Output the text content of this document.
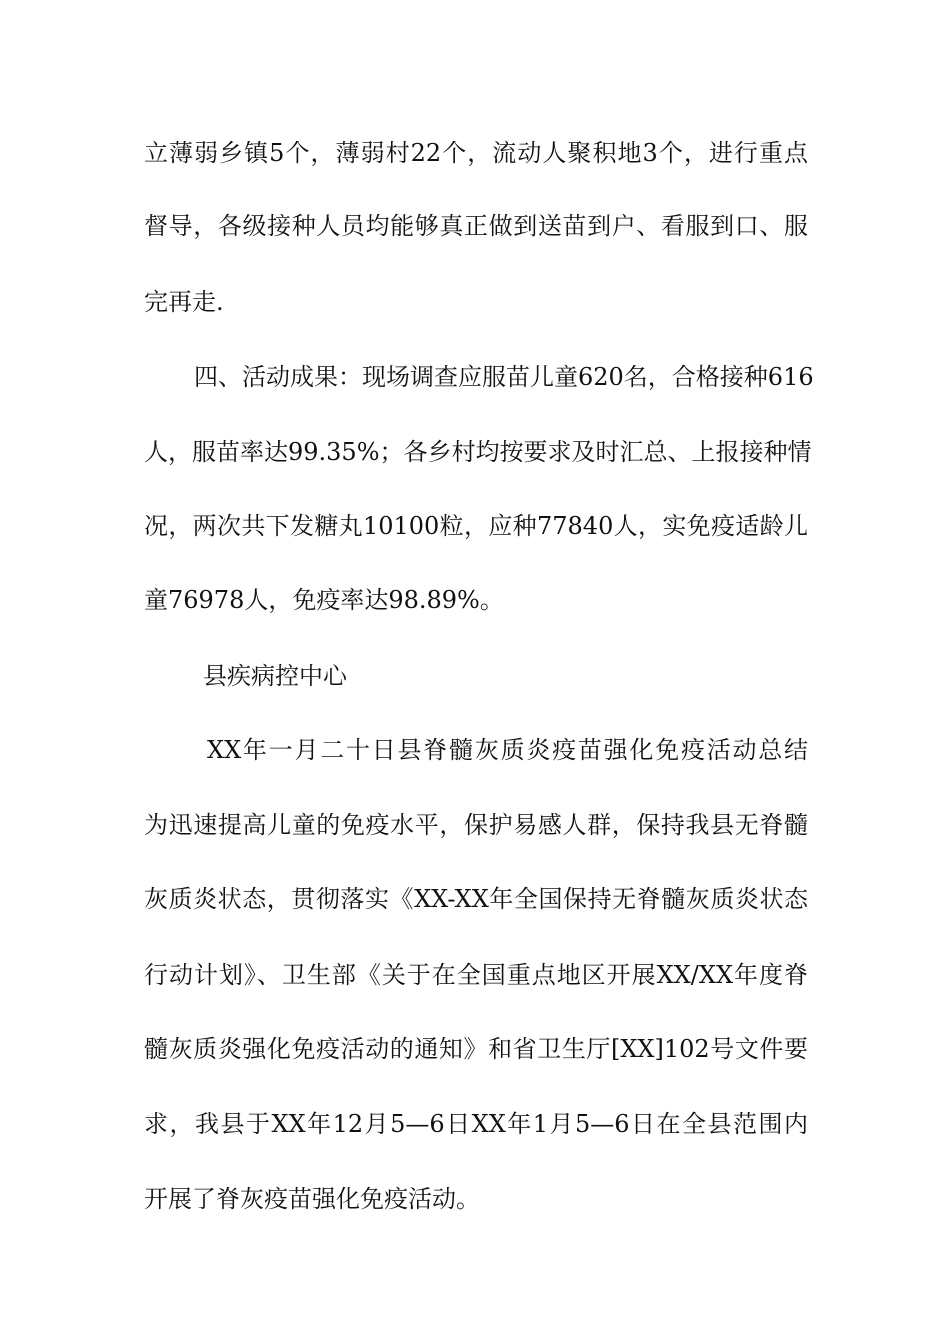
立薄弱乡镇5个，薄弱村22个，流动人聚积地3个，进行重点
督导，各级接种人员均能够真正做到送苗到户、看服到口、服
完再走.
四、活动成果：现场调查应服苗儿童620名，合格接种616
人，服苗率达99.35%；各乡村均按要求及时汇总、上报接种情
况，两次共下发糖丸10100粒，应种77840人，实免疫适龄儿
童76978人，免疫率达98.89%。
县疾病控中心
XX年一月二十日县脊髓灰质炎疫苗强化免疫活动总结
为迅速提高儿童的免疫水平，保护易感人群，保持我县无脊髓
灰质炎状态，贯彻落实《XX-XX年全国保持无脊髓灰质炎状态
行动计划》、卫生部《关于在全国重点地区开展XX/XX年度脊
髓灰质炎强化免疫活动的通知》和省卫生厅[XX]102号文件要
求，我县于XX年12月5—6日XX年1月5—6日在全县范围内
开展了脊灰疫苗强化免疫活动。
